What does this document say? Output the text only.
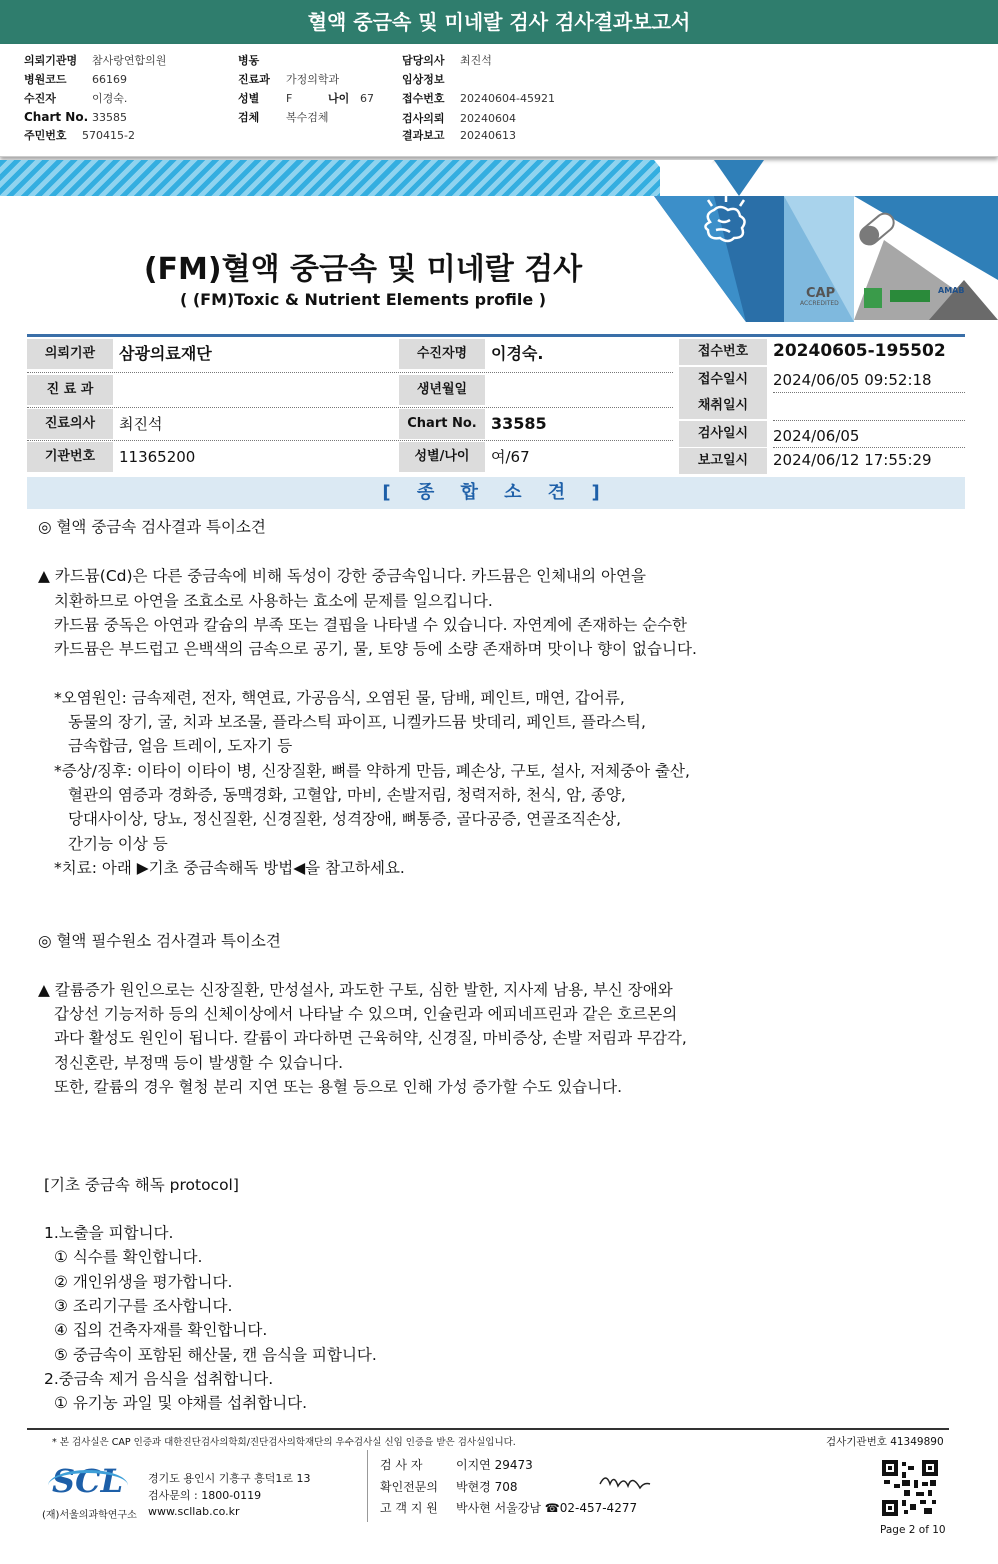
혈액 중금속 및 미네랄 검사 검사결과보고서
의뢰기관명 참사랑연합의원
병원코드 66169
수진자	이경숙.
Chart No. 33585
주민번호 570415-2
병동
진료과 가정의학과
성별 F	나이 67
검체 복수검체
담당의사 최진석
임상정보
접수번호 20240604-45921
검사의뢰 20240604
결과보고 20240613
CAP
ACCREDITED
AMAB
(FM)혈액 중금속 및 미네랄 검사
( (FM)Toxic & Nutrient Elements profile )
의뢰기관	삼광의료재단	수진자명	이경숙.
진 료 과	생년월일
진료의사	최진석	Chart No. 33585
기관번호	11365200	성별/나이	여/67
접수번호	20240605-195502
접수일시	2024/06/05 09:52:18
채취일시
검사일시	2024/06/05
보고일시	2024/06/12 17:55:29
[ 종 합 소 견 ]
◎ 혈액 중금속 검사결과 특이소견
▲ 카드뮴(Cd)은 다른 중금속에 비해 독성이 강한 중금속입니다. 카드뮴은 인체내의 아연을
치환하므로 아연을 조효소로 사용하는 효소에 문제를 일으킵니다.
카드뮴 중독은 아연과 칼슘의 부족 또는 결핍을 나타낼 수 있습니다. 자연계에 존재하는 순수한
카드뮴은 부드럽고 은백색의 금속으로 공기, 물, 토양 등에 소량 존재하며 맛이나 향이 없습니다.
*오염원인: 금속제련, 전자, 핵연료, 가공음식, 오염된 물, 담배, 페인트, 매연, 갑어류,
동물의 장기, 굴, 치과 보조물, 플라스틱 파이프, 니켈카드뮴 밧데리, 페인트, 플라스틱,
금속합금, 얼음 트레이, 도자기 등
*증상/징후: 이타이 이타이 병, 신장질환, 뼈를 약하게 만듬, 폐손상, 구토, 설사, 저체중아 출산,
혈관의 염증과 경화증, 동맥경화, 고혈압, 마비, 손발저림, 청력저하, 천식, 암, 종양,
당대사이상, 당뇨, 정신질환, 신경질환, 성격장애, 뼈통증, 골다공증, 연골조직손상,
간기능 이상 등
*치료: 아래 ▶기초 중금속해독 방법◀을 참고하세요.
◎ 혈액 필수원소 검사결과 특이소견
▲ 칼륨증가 원인으로는 신장질환, 만성설사, 과도한 구토, 심한 발한, 지사제 남용, 부신 장애와
갑상선 기능저하 등의 신체이상에서 나타날 수 있으며, 인슐린과 에피네프린과 같은 호르몬의
과다 활성도 원인이 됩니다. 칼륨이 과다하면 근육허약, 신경질, 마비증상, 손발 저림과 무감각,
정신혼란, 부정맥 등이 발생할 수 있습니다.
또한, 칼륨의 경우 혈청 분리 지연 또는 용혈 등으로 인해 가성 증가할 수도 있습니다.
[기초 중금속 해독 protocol]
1.노출을 피합니다.
① 식수를 확인합니다.
② 개인위생을 평가합니다.
③ 조리기구를 조사합니다.
④ 집의 건축자재를 확인합니다.
⑤ 중금속이 포함된 해산물, 캔 음식을 피합니다.
2.중금속 제거 음식을 섭취합니다.
① 유기농 과일 및 야채를 섭취합니다.
* 본 검사실은 CAP 인증과 대한진단검사의학회/진단검사의학재단의 우수검사실 신임 인증을 받은 검사실입니다.	검사기관번호 41349890
SCL
(재)서울의과학연구소
경기도 용인시 기흥구 흥덕1로 13
검사문의 : 1800-0119
www.scllab.co.kr
검 사 자	이지연 29473
확인전문의 박현경 708
고 객 지 원 박사현 서울강남 ☎02-457-4277
Page 2 of 10
